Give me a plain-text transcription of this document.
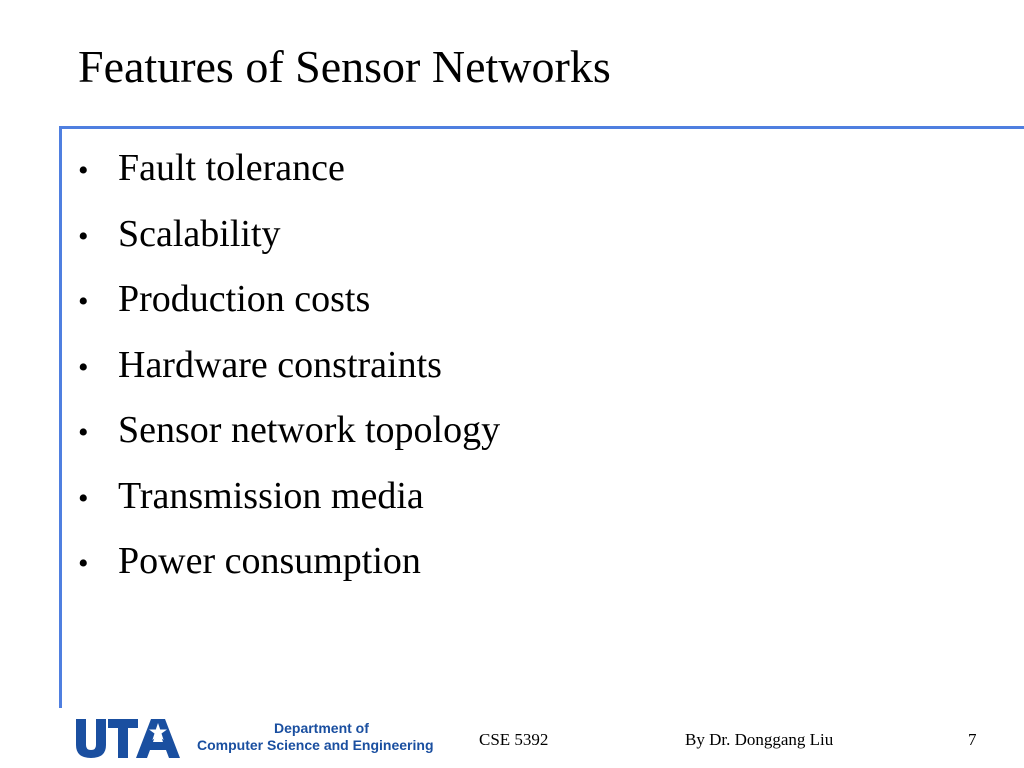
Features of Sensor Networks
• Fault tolerance
• Scalability
• Production costs
• Hardware constraints
• Sensor network topology
• Transmission media
• Power consumption
Department of
Computer Science and Engineering	CSE 5392	By Dr. Donggang Liu	7
